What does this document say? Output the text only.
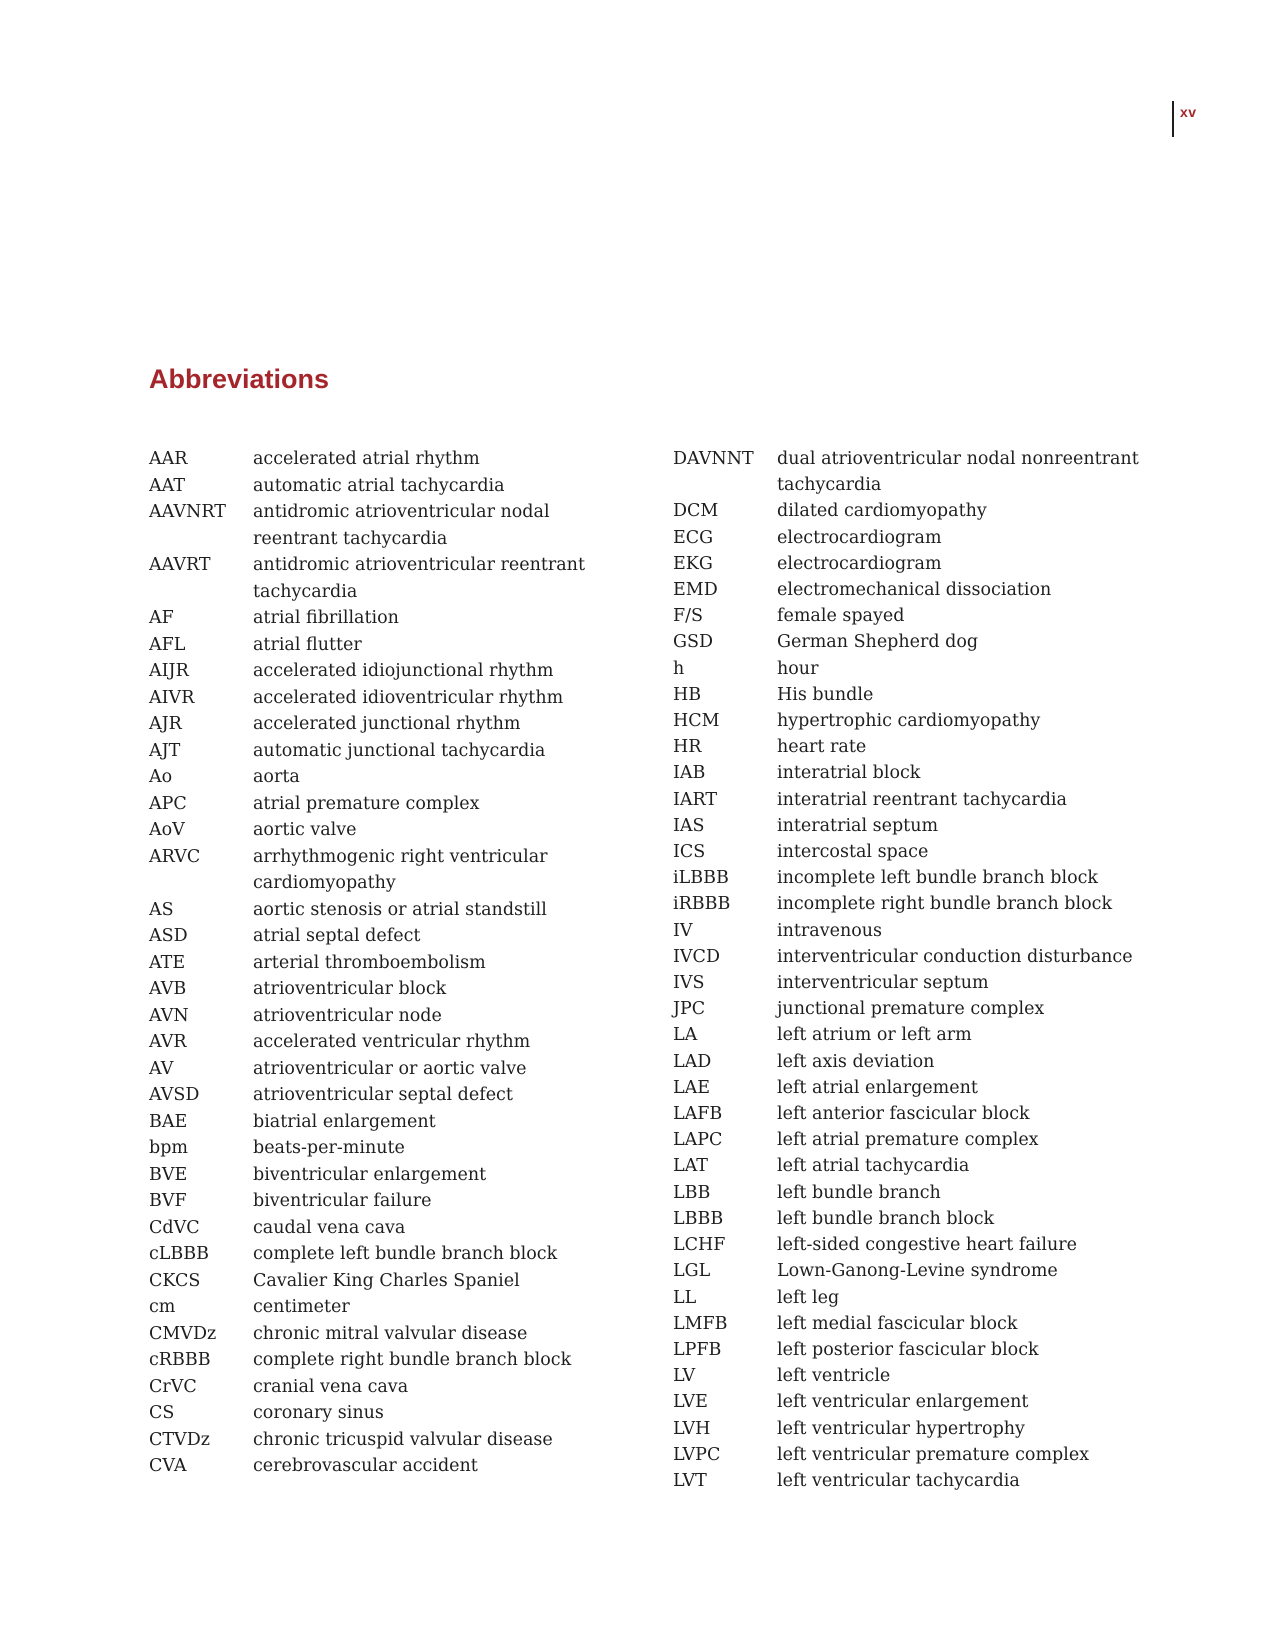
xv
Abbreviations
AAR	accelerated atrial rhythm
AAT	automatic atrial tachycardia
AAVNRT	antidromic atrioventricular nodal reentrant tachycardia
AAVRT	antidromic atrioventricular reentrant tachycardia
AF	atrial fibrillation
AFL	atrial flutter
AIJR	accelerated idiojunctional rhythm
AIVR	accelerated idioventricular rhythm
AJR	accelerated junctional rhythm
AJT	automatic junctional tachycardia
Ao	aorta
APC	atrial premature complex
AoV	aortic valve
ARVC	arrhythmogenic right ventricular cardiomyopathy
AS	aortic stenosis or atrial standstill
ASD	atrial septal defect
ATE	arterial thromboembolism
AVB	atrioventricular block
AVN	atrioventricular node
AVR	accelerated ventricular rhythm
AV	atrioventricular or aortic valve
AVSD	atrioventricular septal defect
BAE	biatrial enlargement
bpm	beats-per-minute
BVE	biventricular enlargement
BVF	biventricular failure
CdVC	caudal vena cava
cLBBB	complete left bundle branch block
CKCS	Cavalier King Charles Spaniel
cm	centimeter
CMVDz	chronic mitral valvular disease
cRBBB	complete right bundle branch block
CrVC	cranial vena cava
CS	coronary sinus
CTVDz	chronic tricuspid valvular disease
CVA	cerebrovascular accident
DAVNNT	dual atrioventricular nodal nonreentrant tachycardia
DCM	dilated cardiomyopathy
ECG	electrocardiogram
EKG	electrocardiogram
EMD	electromechanical dissociation
F/S	female spayed
GSD	German Shepherd dog
h	hour
HB	His bundle
HCM	hypertrophic cardiomyopathy
HR	heart rate
IAB	interatrial block
IART	interatrial reentrant tachycardia
IAS	interatrial septum
ICS	intercostal space
iLBBB	incomplete left bundle branch block
iRBBB	incomplete right bundle branch block
IV	intravenous
IVCD	interventricular conduction disturbance
IVS	interventricular septum
JPC	junctional premature complex
LA	left atrium or left arm
LAD	left axis deviation
LAE	left atrial enlargement
LAFB	left anterior fascicular block
LAPC	left atrial premature complex
LAT	left atrial tachycardia
LBB	left bundle branch
LBBB	left bundle branch block
LCHF	left-sided congestive heart failure
LGL	Lown-Ganong-Levine syndrome
LL	left leg
LMFB	left medial fascicular block
LPFB	left posterior fascicular block
LV	left ventricle
LVE	left ventricular enlargement
LVH	left ventricular hypertrophy
LVPC	left ventricular premature complex
LVT	left ventricular tachycardia
